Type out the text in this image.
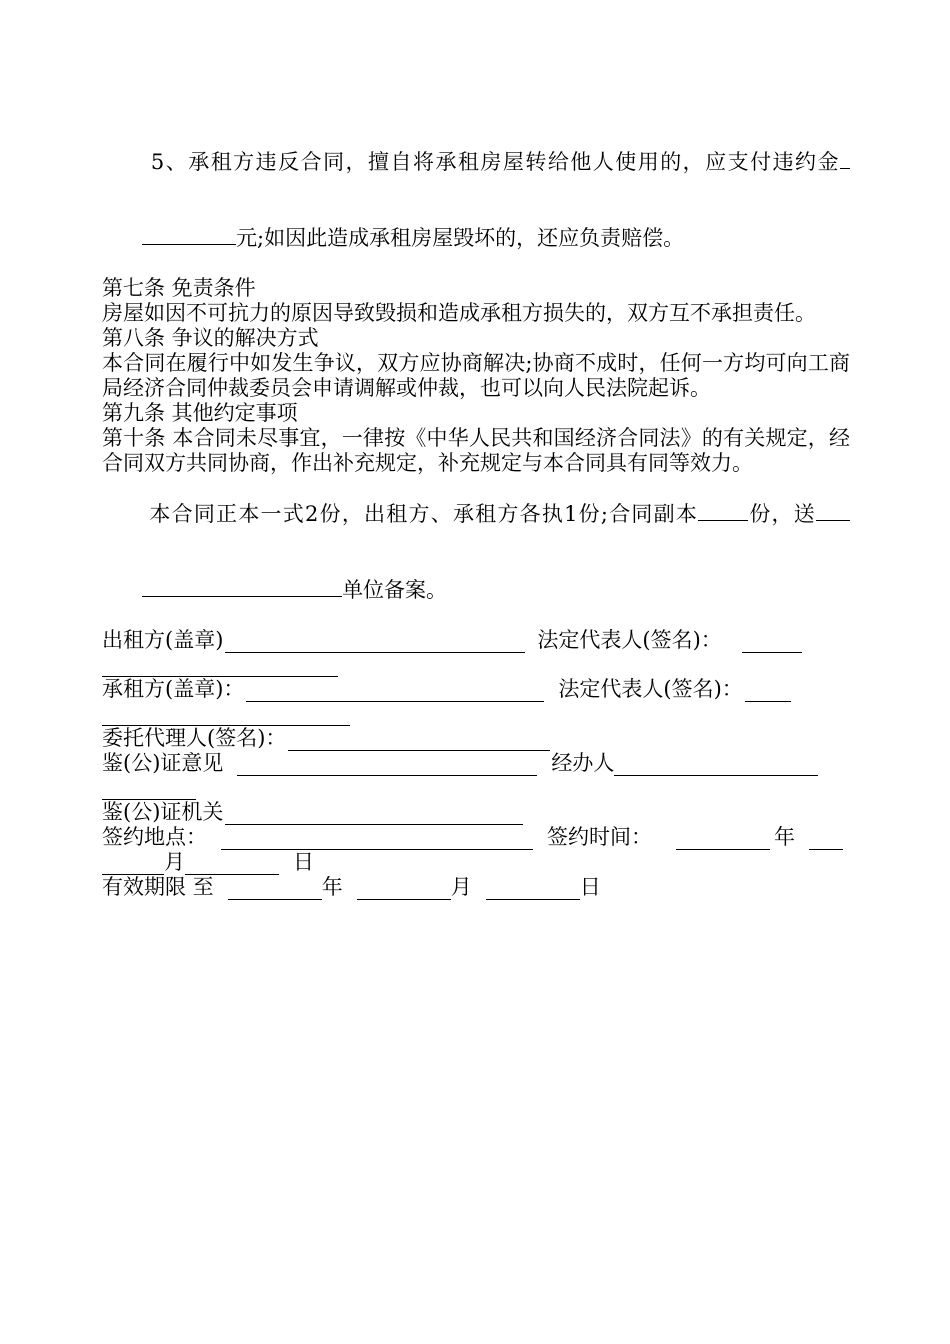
5、承租方违反合同，擅自将承租房屋转给他人使用的，应支付违约金

元;如因此造成承租房屋毁坏的，还应负责赔偿。

第七条 免责条件
房屋如因不可抗力的原因导致毁损和造成承租方损失的，双方互不承担责任。
第八条 争议的解决方式
本合同在履行中如发生争议，双方应协商解决;协商不成时，任何一方均可向工商局经济合同仲裁委员会申请调解或仲裁，也可以向人民法院起诉。
第九条 其他约定事项
第十条 本合同未尽事宜，一律按《中华人民共和国经济合同法》的有关规定，经合同双方共同协商，作出补充规定，补充规定与本合同具有同等效力。

本合同正本一式2份，出租方、承租方各执1份;合同副本 份，送

单位备案。

出租方(盖章)	法定代表人(签名)：
承租方(盖章)：	法定代表人(签名)：
委托代理人(签名)：
鉴(公)证意见	经办人
鉴(公)证机关
签约地点：	签约时间：	年
月	日
有效期限 至	年	月	日
